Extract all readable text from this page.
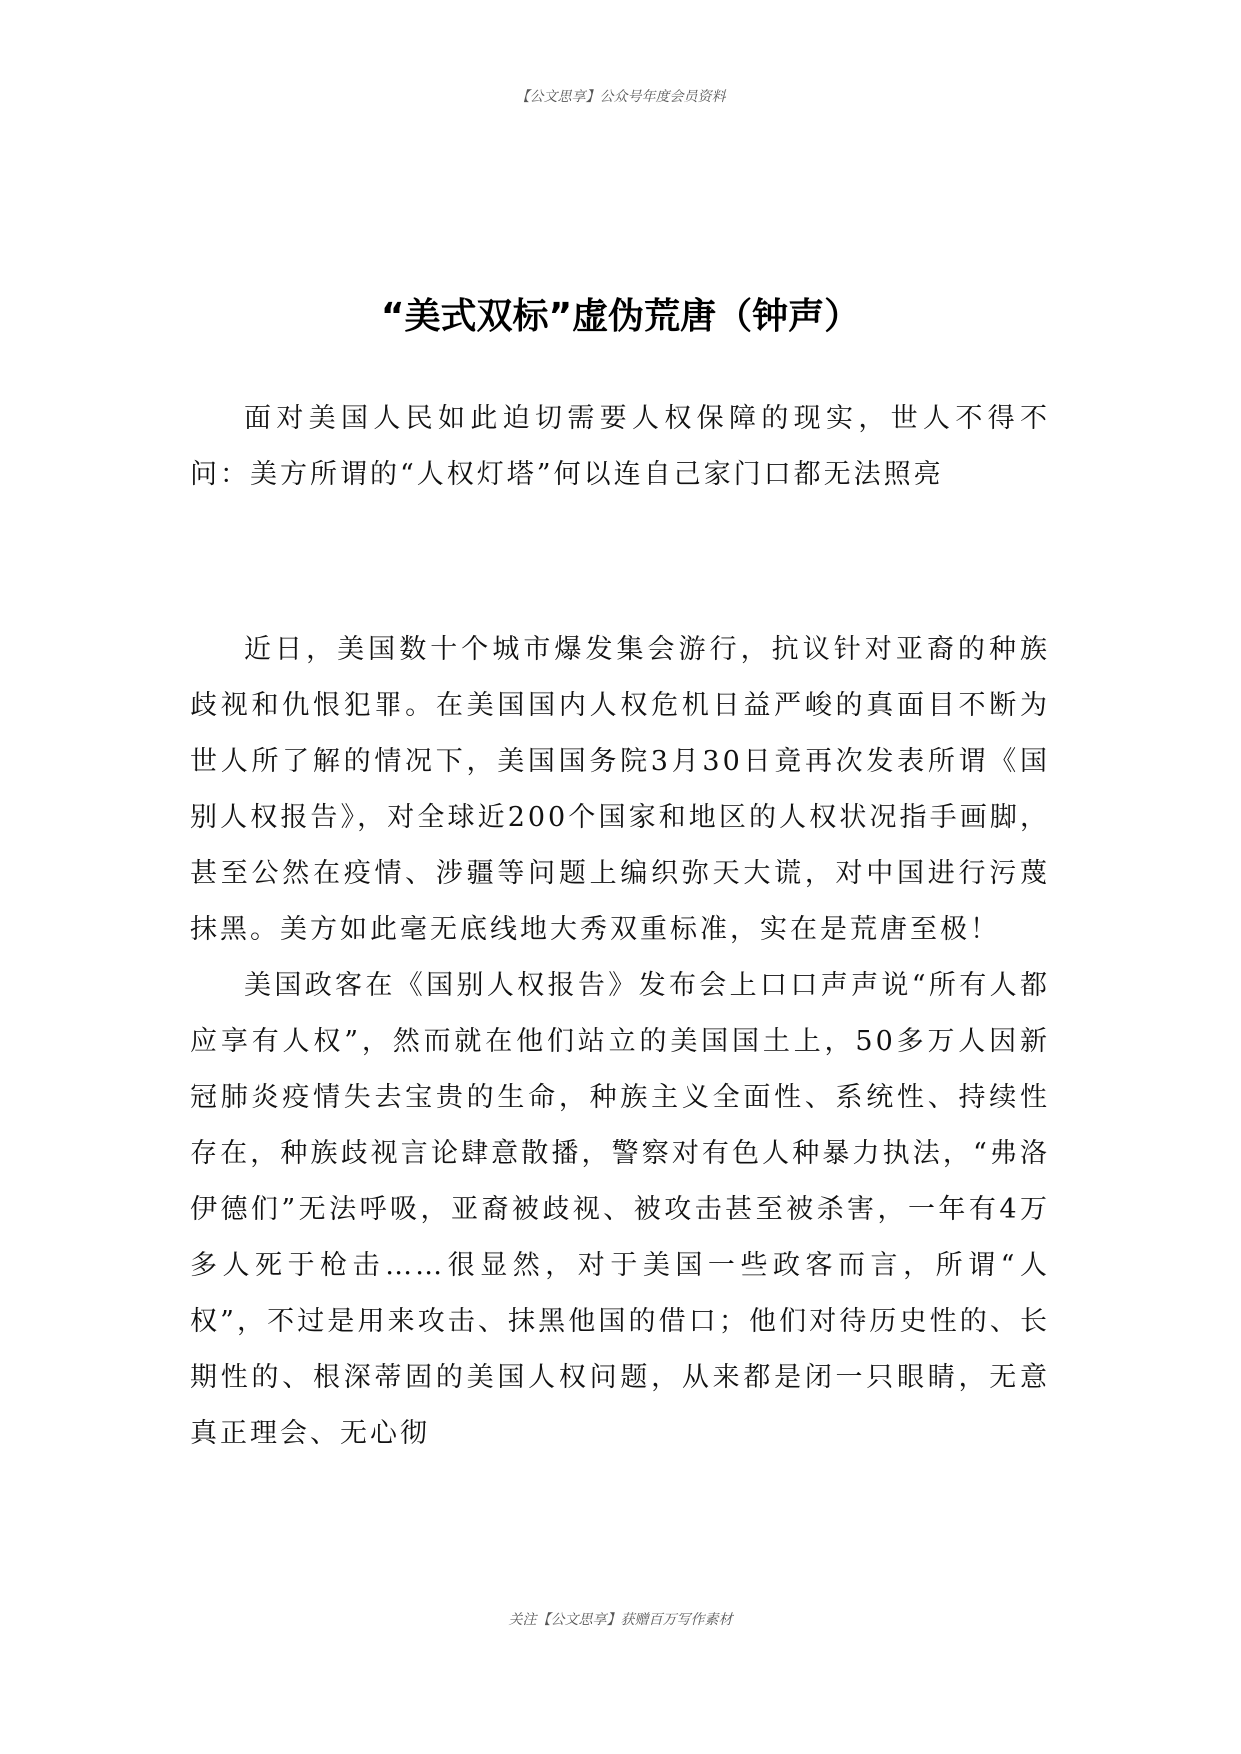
【公文思享】公众号年度会员资料
“美式双标”虚伪荒唐（钟声）

面对美国人民如此迫切需要人权保障的现实，世人不得不问：美方所谓的“人权灯塔”何以连自己家门口都无法照亮

近日，美国数十个城市爆发集会游行，抗议针对亚裔的种族歧视和仇恨犯罪。在美国国内人权危机日益严峻的真面目不断为世人所了解的情况下，美国国务院3月30日竟再次发表所谓《国别人权报告》，对全球近200个国家和地区的人权状况指手画脚，甚至公然在疫情、涉疆等问题上编织弥天大谎，对中国进行污蔑抹黑。美方如此毫无底线地大秀双重标准，实在是荒唐至极！

美国政客在《国别人权报告》发布会上口口声声说“所有人都应享有人权”，然而就在他们站立的美国国土上，50多万人因新冠肺炎疫情失去宝贵的生命，种族主义全面性、系统性、持续性存在，种族歧视言论肆意散播，警察对有色人种暴力执法，“弗洛伊德们”无法呼吸，亚裔被歧视、被攻击甚至被杀害，一年有4万多人死于枪击……很显然，对于美国一些政客而言，所谓“人权”，不过是用来攻击、抹黑他国的借口；他们对待历史性的、长期性的、根深蒂固的美国人权问题，从来都是闭一只眼睛，无意真正理会、无心彻

关注【公文思享】获赠百万写作素材
